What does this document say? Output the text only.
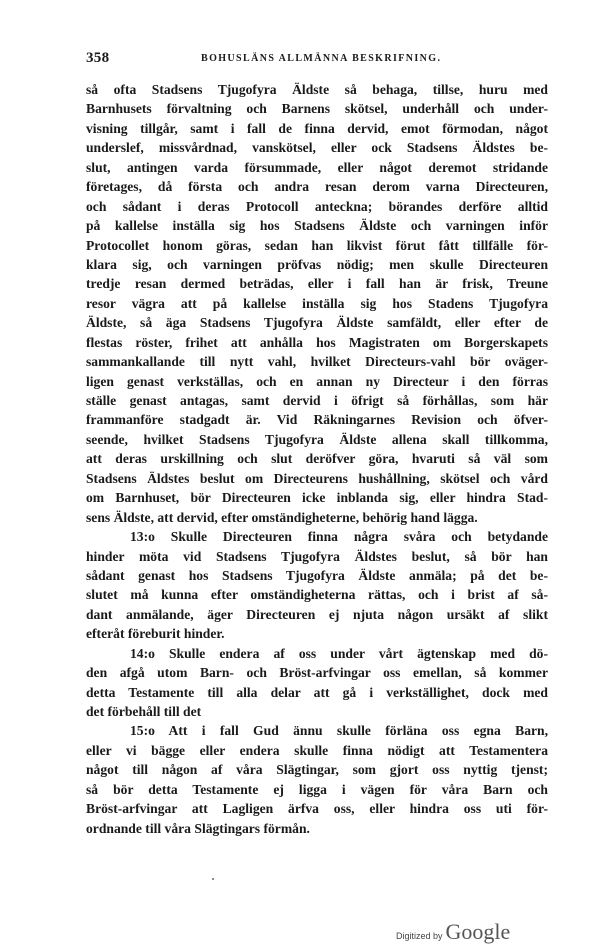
358	BOHUSLÄNS ALLMÄNNA BESKRIFNING.
så ofta Stadsens Tjugofyra Äldste så behaga, tillse, huru med
Barnhusets förvaltning och Barnens skötsel, underhåll och under-
visning tillgår, samt i fall de finna dervid, emot förmodan, något
underslef, missvårdnad, vanskötsel, eller ock Stadsens Äldstes be-
slut, antingen varda försummade, eller något deremot stridande
företages, då första och andra resan derom varna Directeuren,
och sådant i deras Protocoll anteckna; börandes derföre alltid
på kallelse inställa sig hos Stadsens Äldste och varningen inför
Protocollet honom göras, sedan han likvist förut fått tillfälle för-
klara sig, och varningen pröfvas nödig; men skulle Directeuren
tredje resan dermed beträdas, eller i fall han är frisk, Treune
resor vägra att på kallelse inställa sig hos Stadens Tjugofyra
Äldste, så äga Stadsens Tjugofyra Äldste samfäldt, eller efter de
flestas röster, frihet att anhålla hos Magistraten om Borgerskapets
sammankallande till nytt vahl, hvilket Directeurs-vahl bör oväger-
ligen genast verkställas, och en annan ny Directeur i den förras
ställe genast antagas, samt dervid i öfrigt så förhållas, som här
frammanföre stadgadt är. Vid Räkningarnes Revision och öfver-
seende, hvilket Stadsens Tjugofyra Äldste allena skall tillkomma,
att deras urskillning och slut deröfver göra, hvaruti så väl som
Stadsens Äldstes beslut om Directeurens hushållning, skötsel och vård
om Barnhuset, bör Directeuren icke inblanda sig, eller hindra Stad-
sens Äldste, att dervid, efter omständigheterne, behörig hand lägga.
13:o Skulle Directeuren finna några svåra och betydande
hinder möta vid Stadsens Tjugofyra Äldstes beslut, så bör han
sådant genast hos Stadsens Tjugofyra Äldste anmäla; på det be-
slutet må kunna efter omständigheterna rättas, och i brist af så-
dant anmälande, äger Directeuren ej njuta någon ursäkt af slikt
efteråt föreburit hinder.
14:o Skulle endera af oss under vårt ägtenskap med dö-
den afgå utom Barn- och Bröst-arfvingar oss emellan, så kommer
detta Testamente till alla delar att gå i verkställighet, dock med
det förbehåll till det
15:o Att i fall Gud ännu skulle förläna oss egna Barn,
eller vi bägge eller endera skulle finna nödigt att Testamentera
något till någon af våra Slägtingar, som gjort oss nyttig tjenst;
så bör detta Testamente ej ligga i vägen för våra Barn och
Bröst-arfvingar att Lagligen ärfva oss, eller hindra oss uti för-
ordnande till våra Slägtingars förmån.
Digitized by Google
